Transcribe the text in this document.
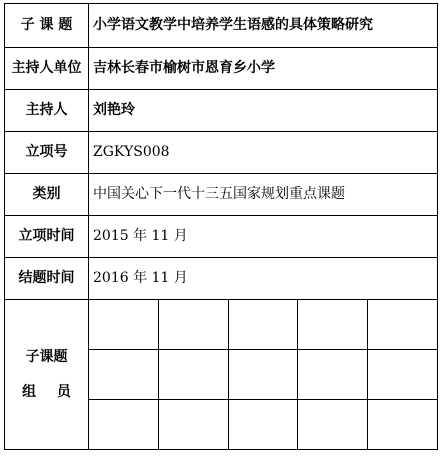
子 课 题	小学语文教学中培养学生语感的具体策略研究
主持人单位	吉林长春市榆树市恩育乡小学
主持人	刘艳玲
立项号	ZGKYS008
类别	中国关心下一代十三五国家规划重点课题
立项时间	2015 年 11 月
结题时间	2016 年 11 月

子课题
组 员
